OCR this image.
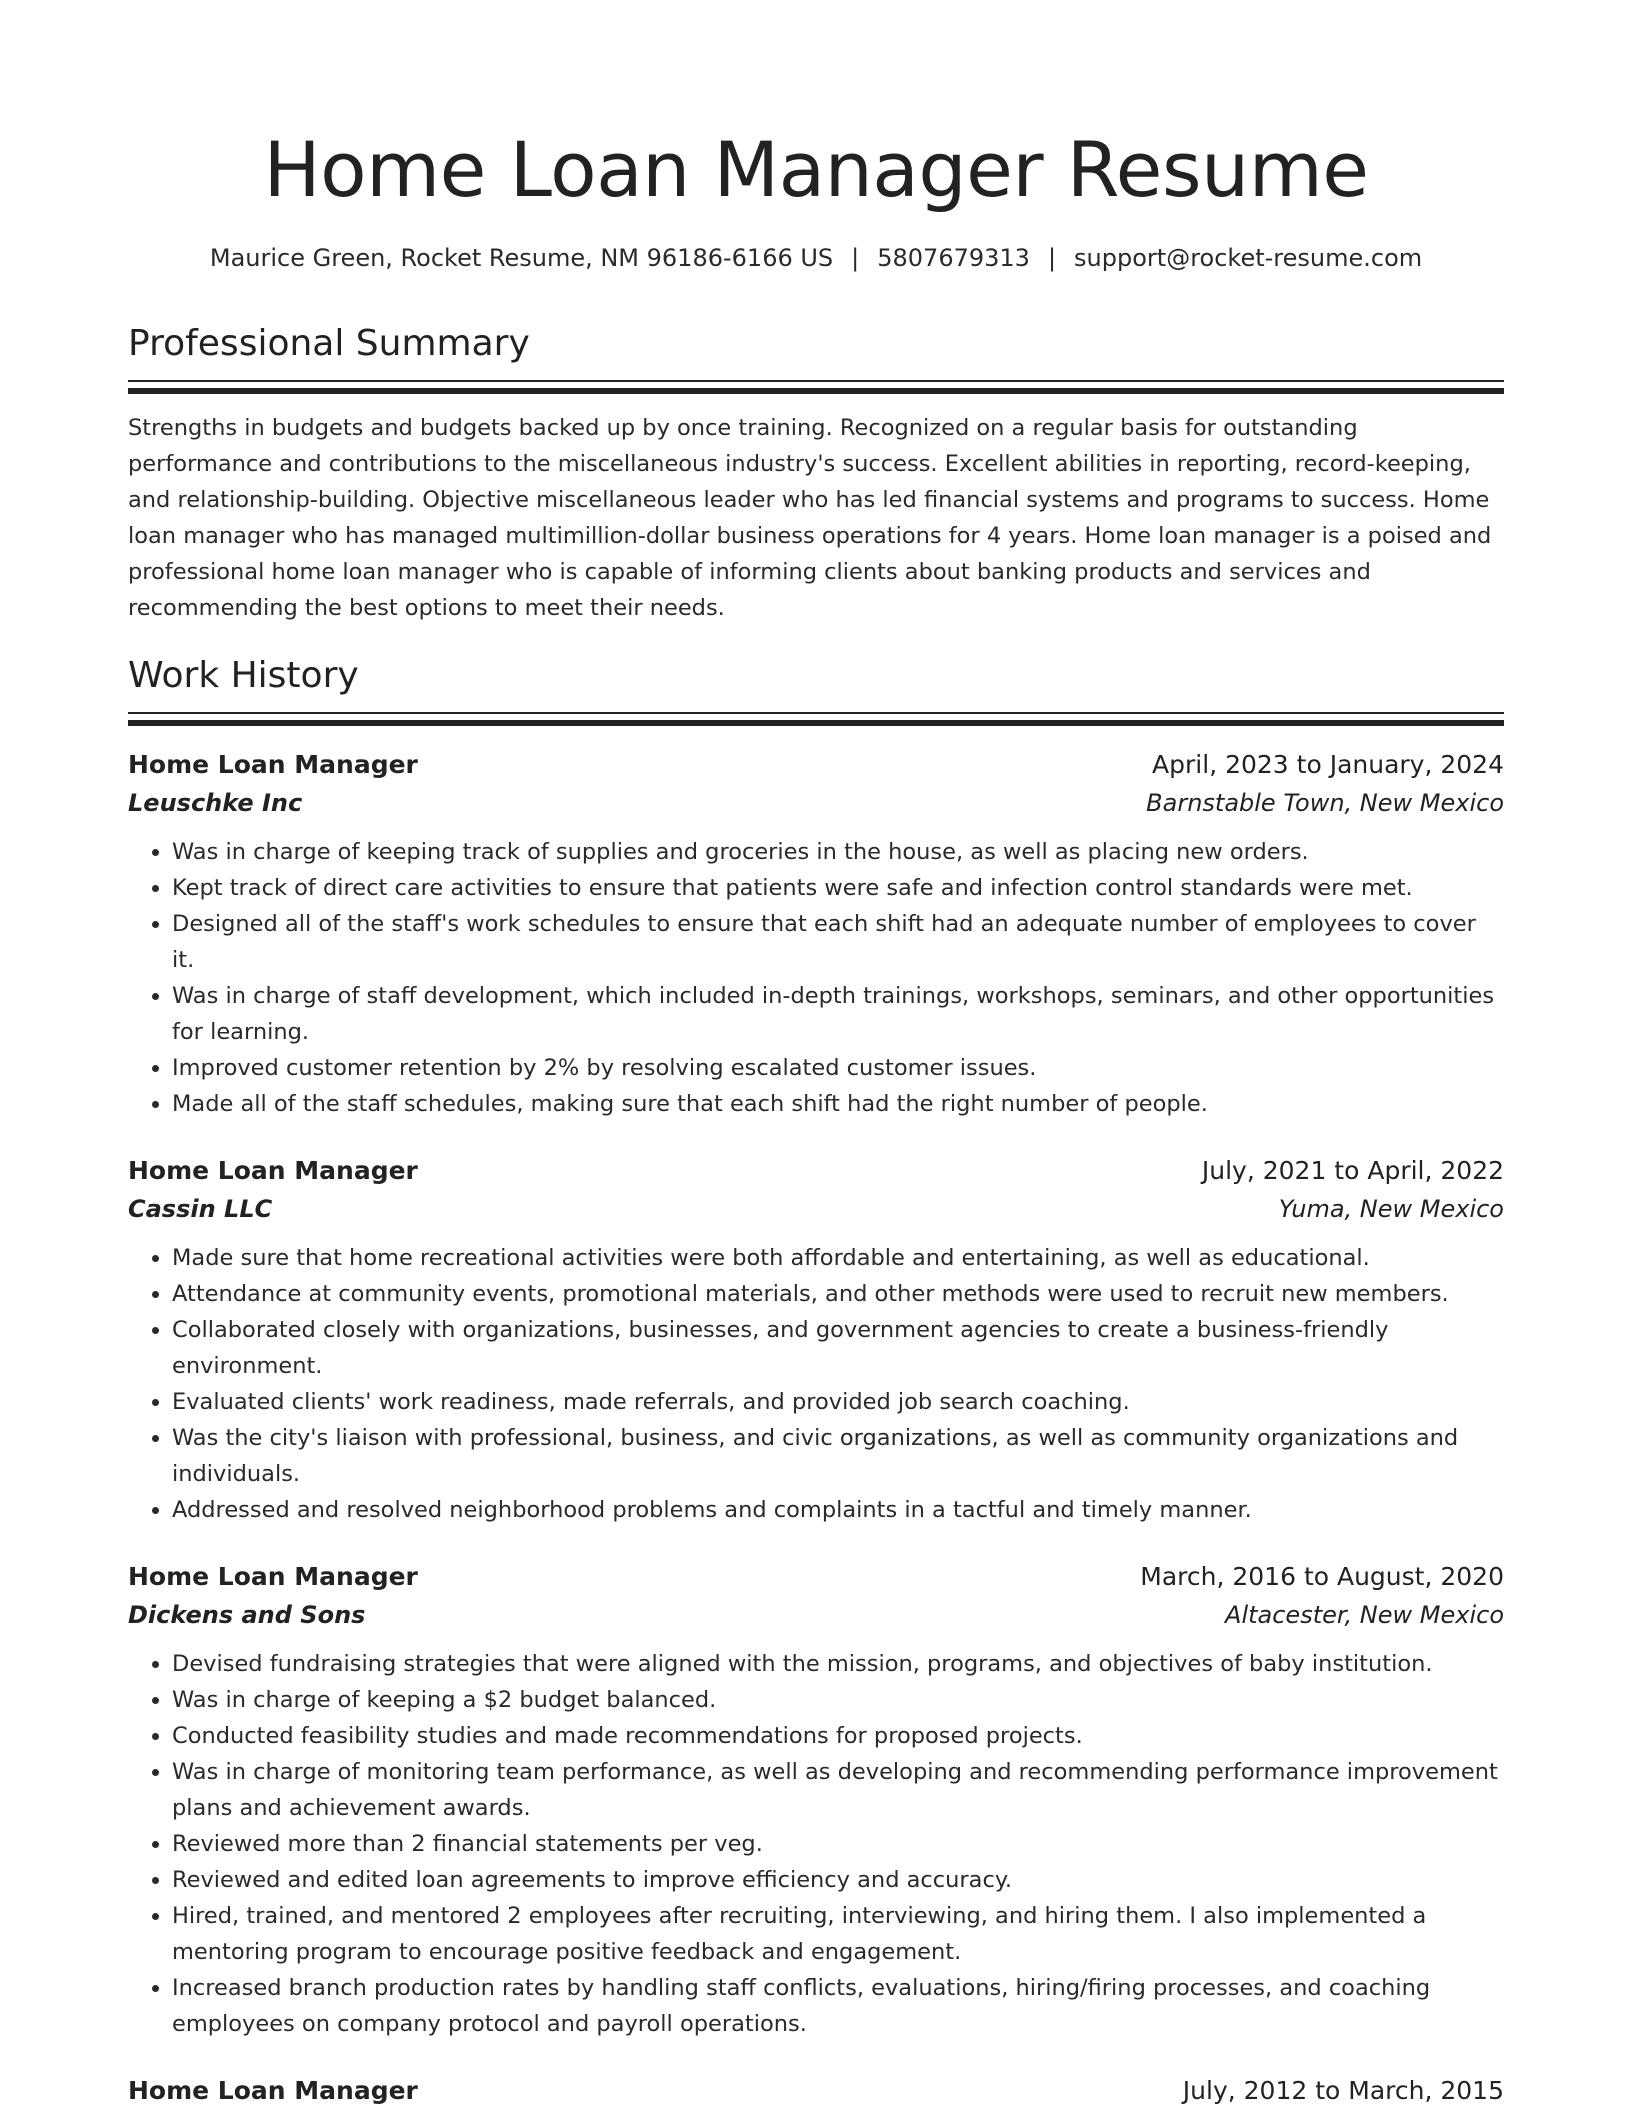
Home Loan Manager Resume
Maurice Green, Rocket Resume, NM 96186-6166 US | 5807679313 | support@rocket-resume.com
Professional Summary

Strengths in budgets and budgets backed up by once training. Recognized on a regular basis for outstanding performance and contributions to the miscellaneous industry's success. Excellent abilities in reporting, record-keeping, and relationship-building. Objective miscellaneous leader who has led financial systems and programs to success. Home loan manager who has managed multimillion-dollar business operations for 4 years. Home loan manager is a poised and professional home loan manager who is capable of informing clients about banking products and services and recommending the best options to meet their needs.

Work History
Home Loan Manager	April, 2023 to January, 2024
Leuschke Inc	Barnstable Town, New Mexico
• Was in charge of keeping track of supplies and groceries in the house, as well as placing new orders.
• Kept track of direct care activities to ensure that patients were safe and infection control standards were met.
• Designed all of the staff's work schedules to ensure that each shift had an adequate number of employees to cover it.
• Was in charge of staff development, which included in-depth trainings, workshops, seminars, and other opportunities for learning.
• Improved customer retention by 2% by resolving escalated customer issues.
• Made all of the staff schedules, making sure that each shift had the right number of people.
Home Loan Manager	July, 2021 to April, 2022
Cassin LLC	Yuma, New Mexico
• Made sure that home recreational activities were both affordable and entertaining, as well as educational.
• Attendance at community events, promotional materials, and other methods were used to recruit new members.
• Collaborated closely with organizations, businesses, and government agencies to create a business-friendly environment.
• Evaluated clients' work readiness, made referrals, and provided job search coaching.
• Was the city's liaison with professional, business, and civic organizations, as well as community organizations and individuals.
• Addressed and resolved neighborhood problems and complaints in a tactful and timely manner.
Home Loan Manager	March, 2016 to August, 2020
Dickens and Sons	Altacester, New Mexico
• Devised fundraising strategies that were aligned with the mission, programs, and objectives of baby institution.
• Was in charge of keeping a $2 budget balanced.
• Conducted feasibility studies and made recommendations for proposed projects.
• Was in charge of monitoring team performance, as well as developing and recommending performance improvement plans and achievement awards.
• Reviewed more than 2 financial statements per veg.
• Reviewed and edited loan agreements to improve efficiency and accuracy.
• Hired, trained, and mentored 2 employees after recruiting, interviewing, and hiring them. I also implemented a mentoring program to encourage positive feedback and engagement.
• Increased branch production rates by handling staff conflicts, evaluations, hiring/firing processes, and coaching employees on company protocol and payroll operations.
Home Loan Manager	July, 2012 to March, 2015
